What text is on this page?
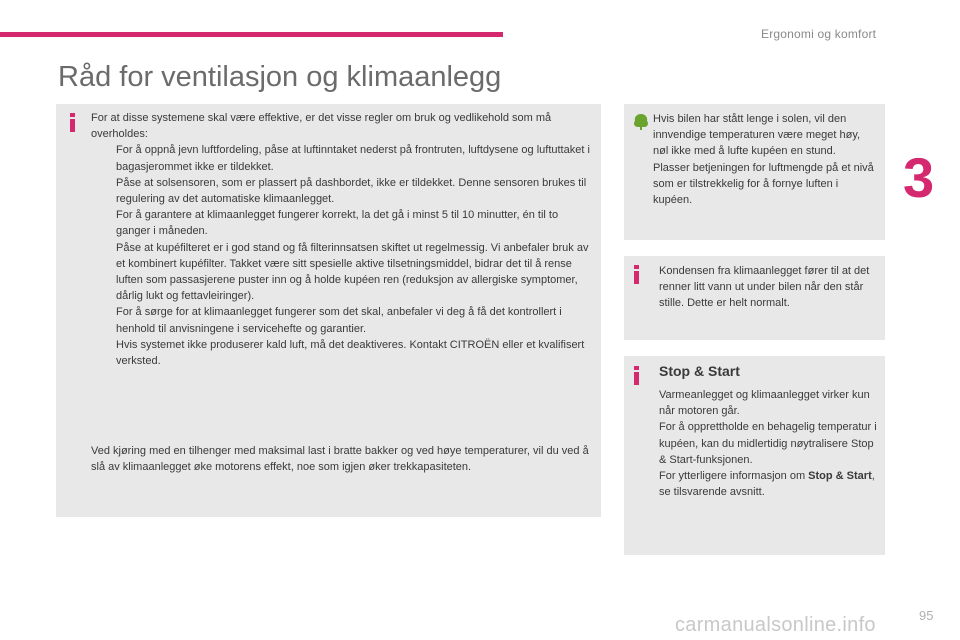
Ergonomi og komfort
3
Råd for ventilasjon og klimaanlegg

For at disse systemene skal være effektive, er det visse regler om bruk og vedlikehold som må overholdes:

For å oppnå jevn luftfordeling, påse at luftinntaket nederst på frontruten, luftdysene og luftuttaket i bagasjerommet ikke er tildekket.
Påse at solsensoren, som er plassert på dashbordet, ikke er tildekket. Denne sensoren brukes til regulering av det automatiske klimaanlegget.
For å garantere at klimaanlegget fungerer korrekt, la det gå i minst 5 til 10 minutter, én til to ganger i måneden.
Påse at kupéfilteret er i god stand og få filterinnsatsen skiftet ut regelmessig. Vi anbefaler bruk av et kombinert kupéfilter. Takket være sitt spesielle aktive tilsetningsmiddel, bidrar det til å rense luften som passasjerene puster inn og å holde kupéen ren (reduksjon av allergiske symptomer, dårlig lukt og fettavleiringer).
For å sørge for at klimaanlegget fungerer som det skal, anbefaler vi deg å få det kontrollert i henhold til anvisningene i servicehefte og garantier.
Hvis systemet ikke produserer kald luft, må det deaktiveres. Kontakt CITROËN eller et kvalifisert verksted.

Ved kjøring med en tilhenger med maksimal last i bratte bakker og ved høye temperaturer, vil du ved å slå av klimaanlegget øke motorens effekt, noe som igjen øker trekkapasiteten.

Hvis bilen har stått lenge i solen, vil den innvendige temperaturen være meget høy, nøl ikke med å lufte kupéen en stund.

Plasser betjeningen for luftmengde på et nivå som er tilstrekkelig for å fornye luften i kupéen.

Kondensen fra klimaanlegget fører til at det renner litt vann ut under bilen når den står stille. Dette er helt normalt.

Stop & Start

Varmeanlegget og klimaanlegget virker kun når motoren går.

For å opprettholde en behagelig temperatur i kupéen, kan du midlertidig nøytralisere Stop & Start-funksjonen.

For ytterligere informasjon om Stop & Start, se tilsvarende avsnitt.

carmanualsonline.info	95
